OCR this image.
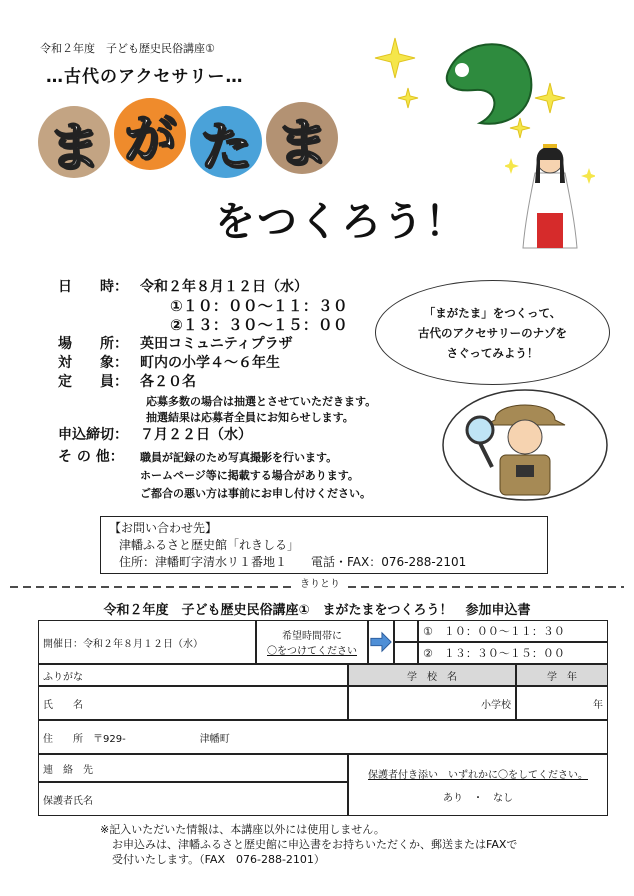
令和２年度　子ども歴史民俗講座①
…古代のアクセサリー…
ま が た ま
をつくろう！
日　　時： 令和２年８月１２日（水）
①１０：００～１１：３０
②１３：３０～１５：００
場　　所： 英田コミュニティプラザ
対　　象： 町内の小学４～６年生
定　　員： 各２０名
応募多数の場合は抽選とさせていただきます。
抽選結果は応募者全員にお知らせします。
申込締切： ７月２２日（水）
そ の 他： 職員が記録のため写真撮影を行います。
ホームページ等に掲載する場合があります。
ご都合の悪い方は事前にお申し付けください。
「まがたま」をつくって、
古代のアクセサリーのナゾを
さぐってみよう！
【お問い合わせ先】
津幡ふるさと歴史館「れきしる」
住所：津幡町字清水リ１番地１　　電話・FAX：076-288-2101
きりとり
令和２年度　子ども歴史民俗講座①　まがたまをつくろう！　参加申込書
開催日：令和２年８月１２日（水）
希望時間帯に
〇をつけてください
①　１０：００～１１：３０
②　１３：３０～１５：００
ふりがな	学　校　名	学　年
氏　　名	小学校	年
住　　所　〒929-	津幡町
連　絡　先	保護者付き添い　いずれかに〇をしてください。
あり　・　なし
保護者氏名
※記入いただいた情報は、本講座以外には使用しません。
お申込みは、津幡ふるさと歴史館に申込書をお持ちいただくか、郵送またはFAXで
受付いたします。（FAX　076-288-2101）
